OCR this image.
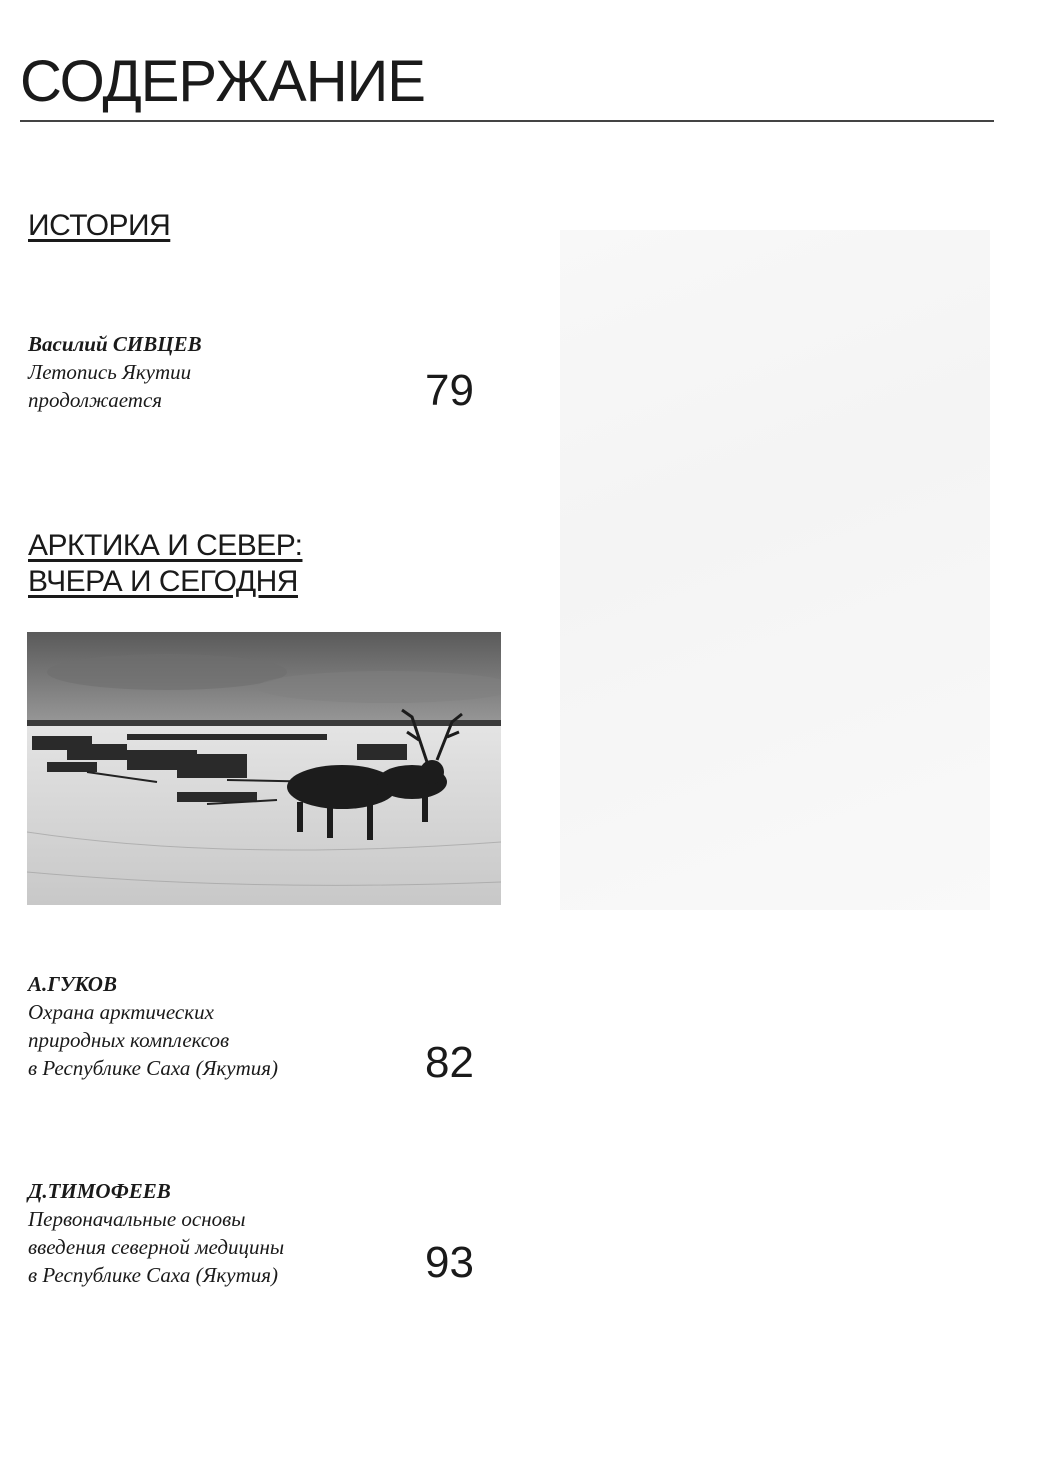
СОДЕРЖАНИЕ
ИСТОРИЯ
Василий СИВЦЕВ
Летопись Якутии
продолжается	79
АРКТИКА И СЕВЕР:
ВЧЕРА И СЕГОДНЯ
А.ГУКОВ
Охрана арктических
природных комплексов
в Республике Саха (Якутия)	82
Д.ТИМОФЕЕВ
Первоначальные основы
введения северной медицины
в Республике Саха (Якутия)	93
